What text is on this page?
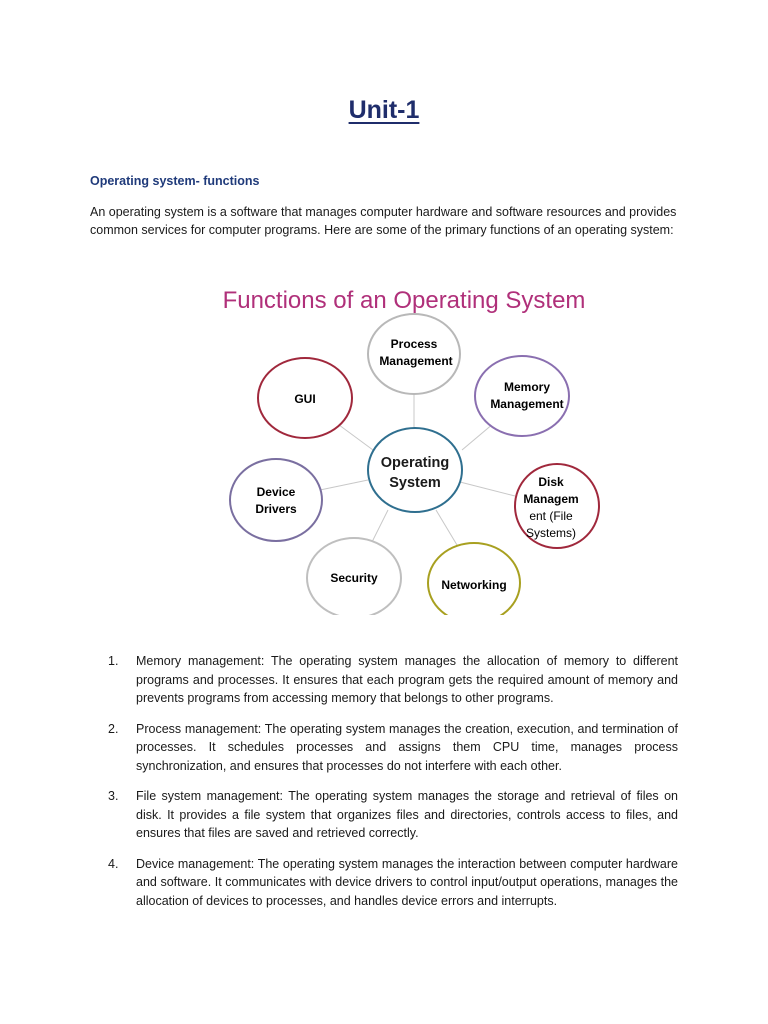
Unit-1
Operating system- functions
An operating system is a software that manages computer hardware and software resources and provides common services for computer programs. Here are some of the primary functions of an operating system:
Functions of an Operating System
Operating
System
Process
Management
Memory
Management
Disk
Managem
ent (File
Systems)
Networking
Security
Device
Drivers
GUI
1. Memory management: The operating system manages the allocation of memory to different programs and processes. It ensures that each program gets the required amount of memory and prevents programs from accessing memory that belongs to other programs.
2. Process management: The operating system manages the creation, execution, and termination of processes. It schedules processes and assigns them CPU time, manages process synchronization, and ensures that processes do not interfere with each other.
3. File system management: The operating system manages the storage and retrieval of files on disk. It provides a file system that organizes files and directories, controls access to files, and ensures that files are saved and retrieved correctly.
4. Device management: The operating system manages the interaction between computer hardware and software. It communicates with device drivers to control input/output operations, manages the allocation of devices to processes, and handles device errors and interrupts.
